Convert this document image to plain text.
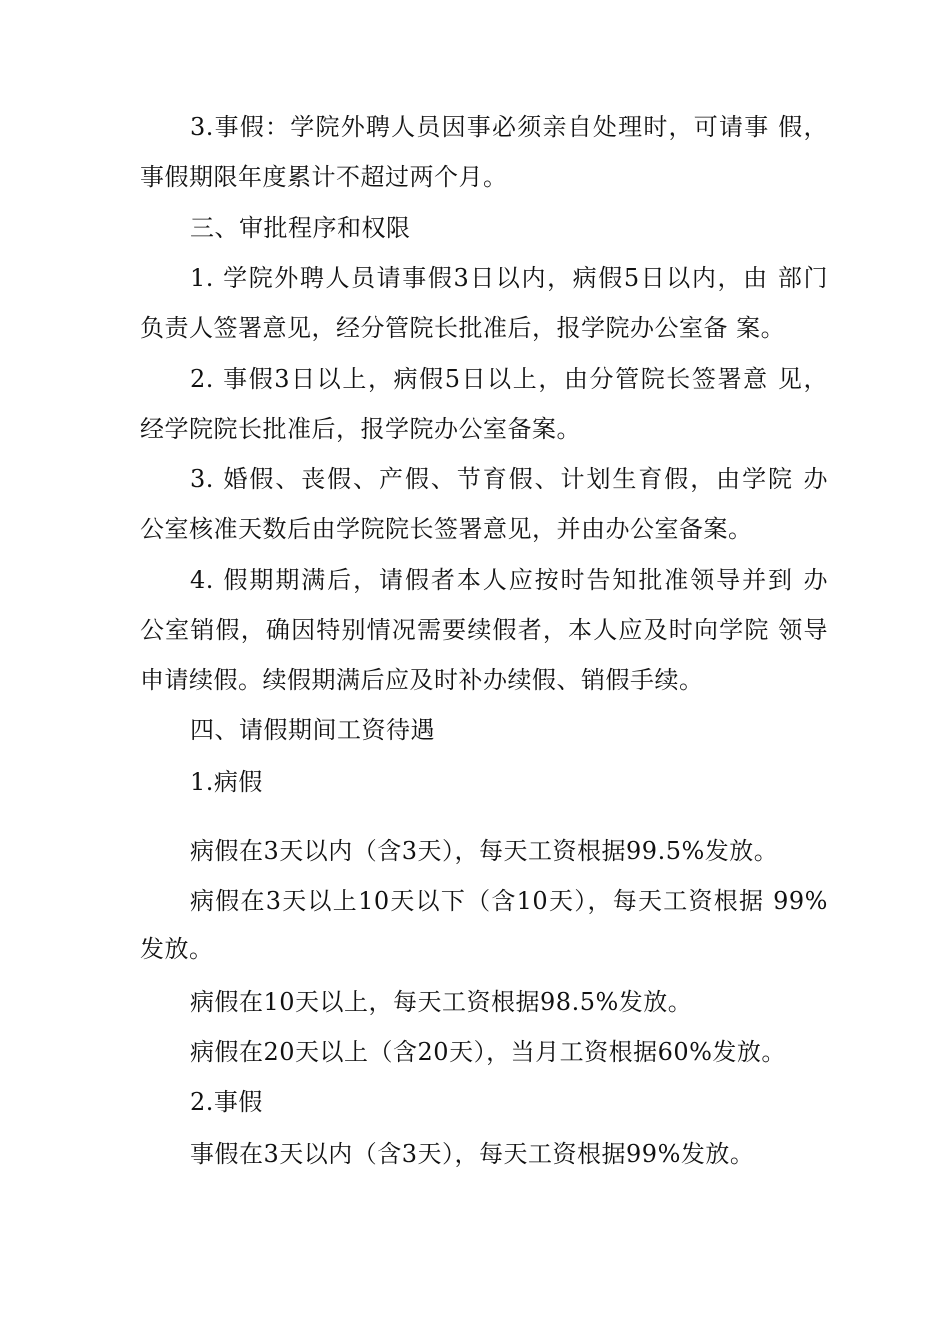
3.事假：学院外聘人员因事必须亲自处理时，可请事 假，
事假期限年度累计不超过两个月。
三、审批程序和权限
1. 学院外聘人员请事假3日以内，病假5日以内，由 部门
负责人签署意见，经分管院长批准后，报学院办公室备 案。
2. 事假3日以上，病假5日以上，由分管院长签署意 见，
经学院院长批准后，报学院办公室备案。
3. 婚假、丧假、产假、节育假、计划生育假，由学院 办
公室核准天数后由学院院长签署意见，并由办公室备案。
4. 假期期满后，请假者本人应按时告知批准领导并到 办
公室销假，确因特别情况需要续假者，本人应及时向学院 领导
申请续假。续假期满后应及时补办续假、销假手续。
四、请假期间工资待遇
1.病假
病假在3天以内（含3天），每天工资根据99.5%发放。
病假在3天以上10天以下（含10天），每天工资根据 99%
发放。
病假在10天以上，每天工资根据98.5%发放。
病假在20天以上（含20天），当月工资根据60%发放。
2.事假
事假在3天以内（含3天），每天工资根据99%发放。
